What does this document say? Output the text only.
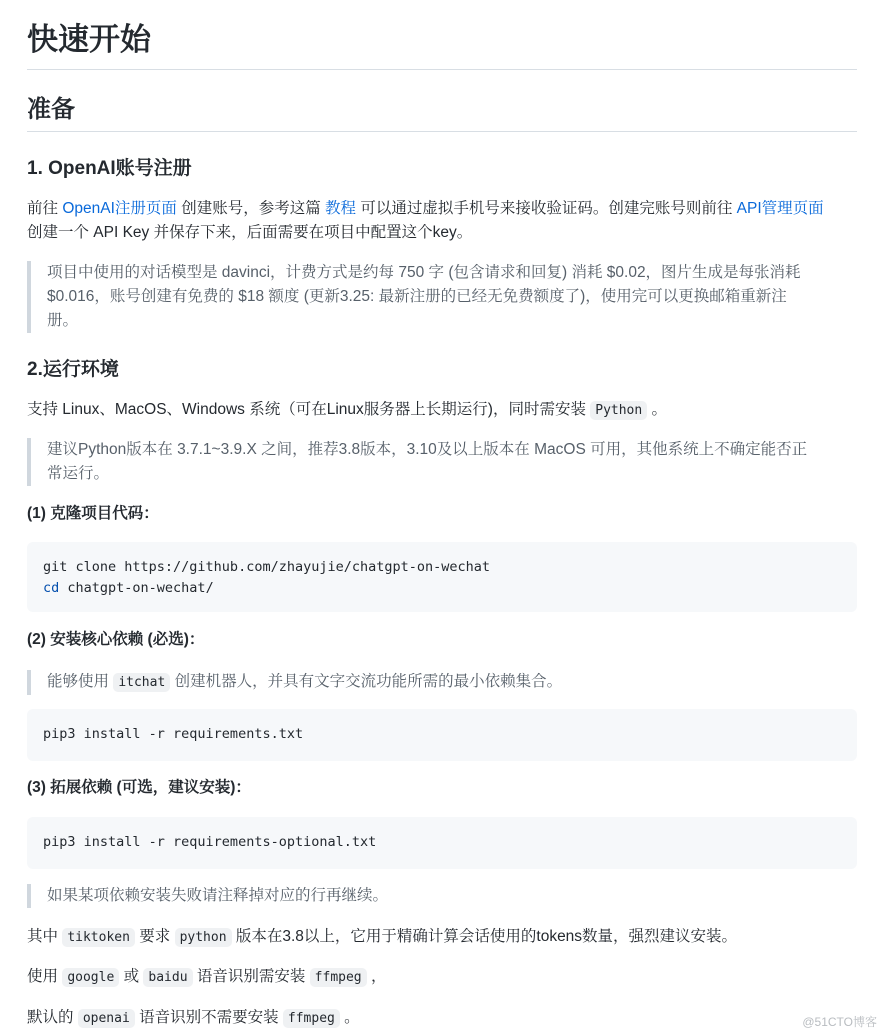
快速开始
准备
1. OpenAI账号注册
前往 OpenAI注册页面 创建账号，参考这篇 教程 可以通过虚拟手机号来接收验证码。创建完账号则前往 API管理页面
创建一个 API Key 并保存下来，后面需要在项目中配置这个key。
项目中使用的对话模型是 davinci，计费方式是约每 750 字 (包含请求和回复) 消耗 $0.02，图片生成是每张消耗
$0.016，账号创建有免费的 $18 额度 (更新3.25: 最新注册的已经无免费额度了)，使用完可以更换邮箱重新注
册。
2.运行环境
支持 Linux、MacOS、Windows 系统（可在Linux服务器上长期运行)，同时需安装 Python 。
建议Python版本在 3.7.1~3.9.X 之间，推荐3.8版本，3.10及以上版本在 MacOS 可用，其他系统上不确定能否正
常运行。
(1) 克隆项目代码：
git clone https://github.com/zhayujie/chatgpt-on-wechat
cd chatgpt-on-wechat/
(2) 安装核心依赖 (必选)：
能够使用 itchat 创建机器人，并具有文字交流功能所需的最小依赖集合。
pip3 install -r requirements.txt
(3) 拓展依赖 (可选，建议安装)：
pip3 install -r requirements-optional.txt
如果某项依赖安装失败请注释掉对应的行再继续。
其中 tiktoken 要求 python 版本在3.8以上，它用于精确计算会话使用的tokens数量，强烈建议安装。
使用 google 或 baidu 语音识别需安装 ffmpeg ，
默认的 openai 语音识别不需要安装 ffmpeg 。	@51CTO博客
